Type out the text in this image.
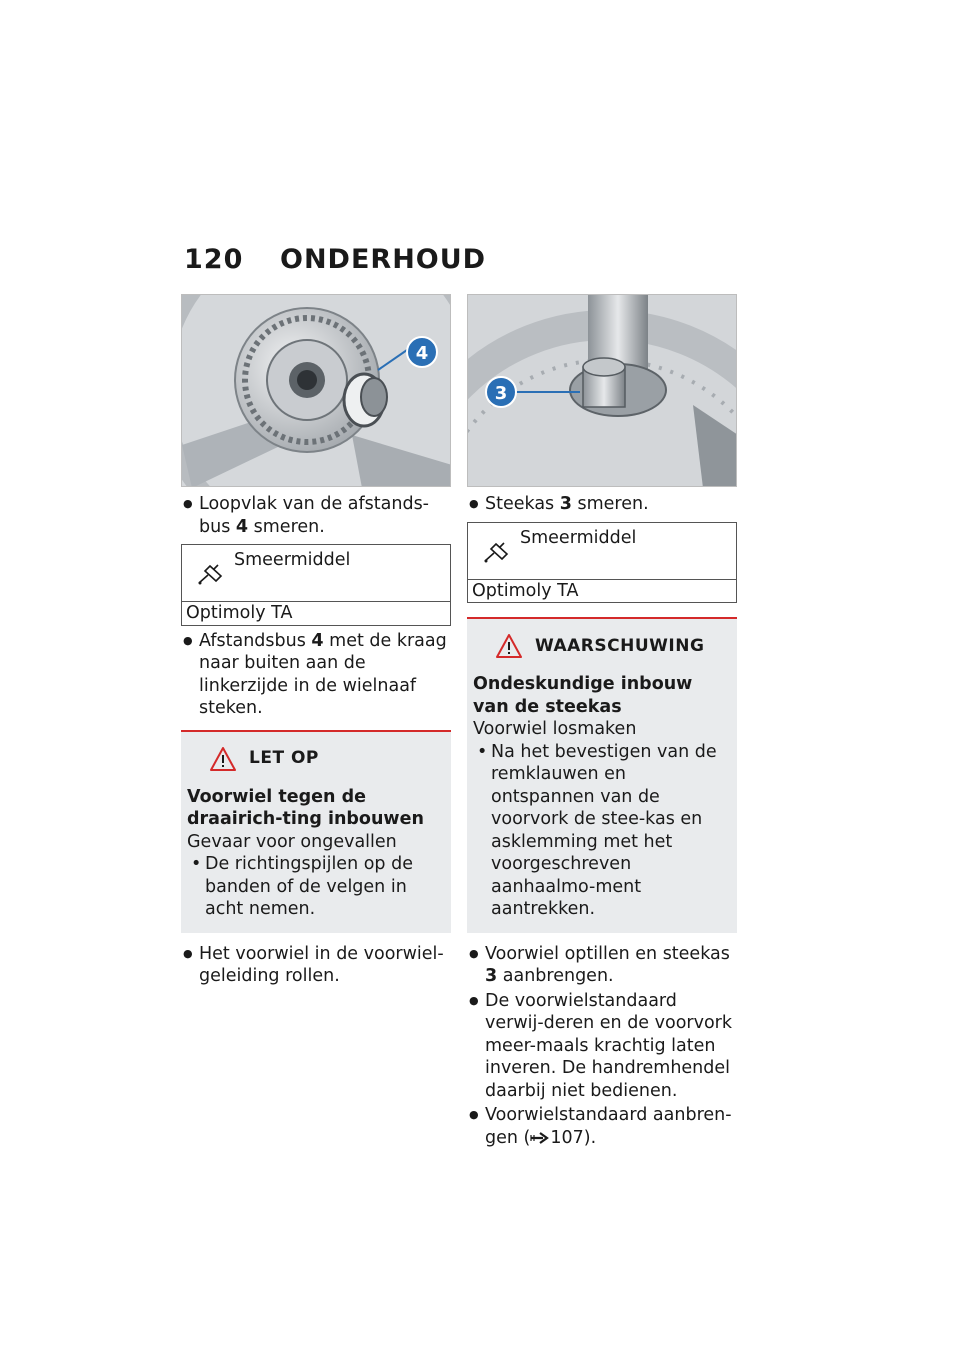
120 ONDERHOUD
4
● Loopvlak van de afstands-bus 4 smeren.
Smeermiddel
Optimoly TA
● Afstandsbus 4 met de kraag naar buiten aan de linkerzijde in de wielnaaf steken.
LET OP
Voorwiel tegen de draairich-ting inbouwen
Gevaar voor ongevallen
• De richtingspijlen op de banden of de velgen in acht nemen.
● Het voorwiel in de voorwiel-geleiding rollen.
3
● Steekas 3 smeren.
Smeermiddel
Optimoly TA
WAARSCHUWING
Ondeskundige inbouw van de steekas
Voorwiel losmaken
• Na het bevestigen van de remklauwen en ontspannen van de voorvork de stee-kas en asklemming met het voorgeschreven aanhaalmo-ment aantrekken.
● Voorwiel optillen en steekas 3 aanbrengen.
● De voorwielstandaard verwij-deren en de voorvork meer-maals krachtig laten inveren. De handremhendel daarbij niet bedienen.
● Voorwielstandaard aanbren-gen ( 107).
